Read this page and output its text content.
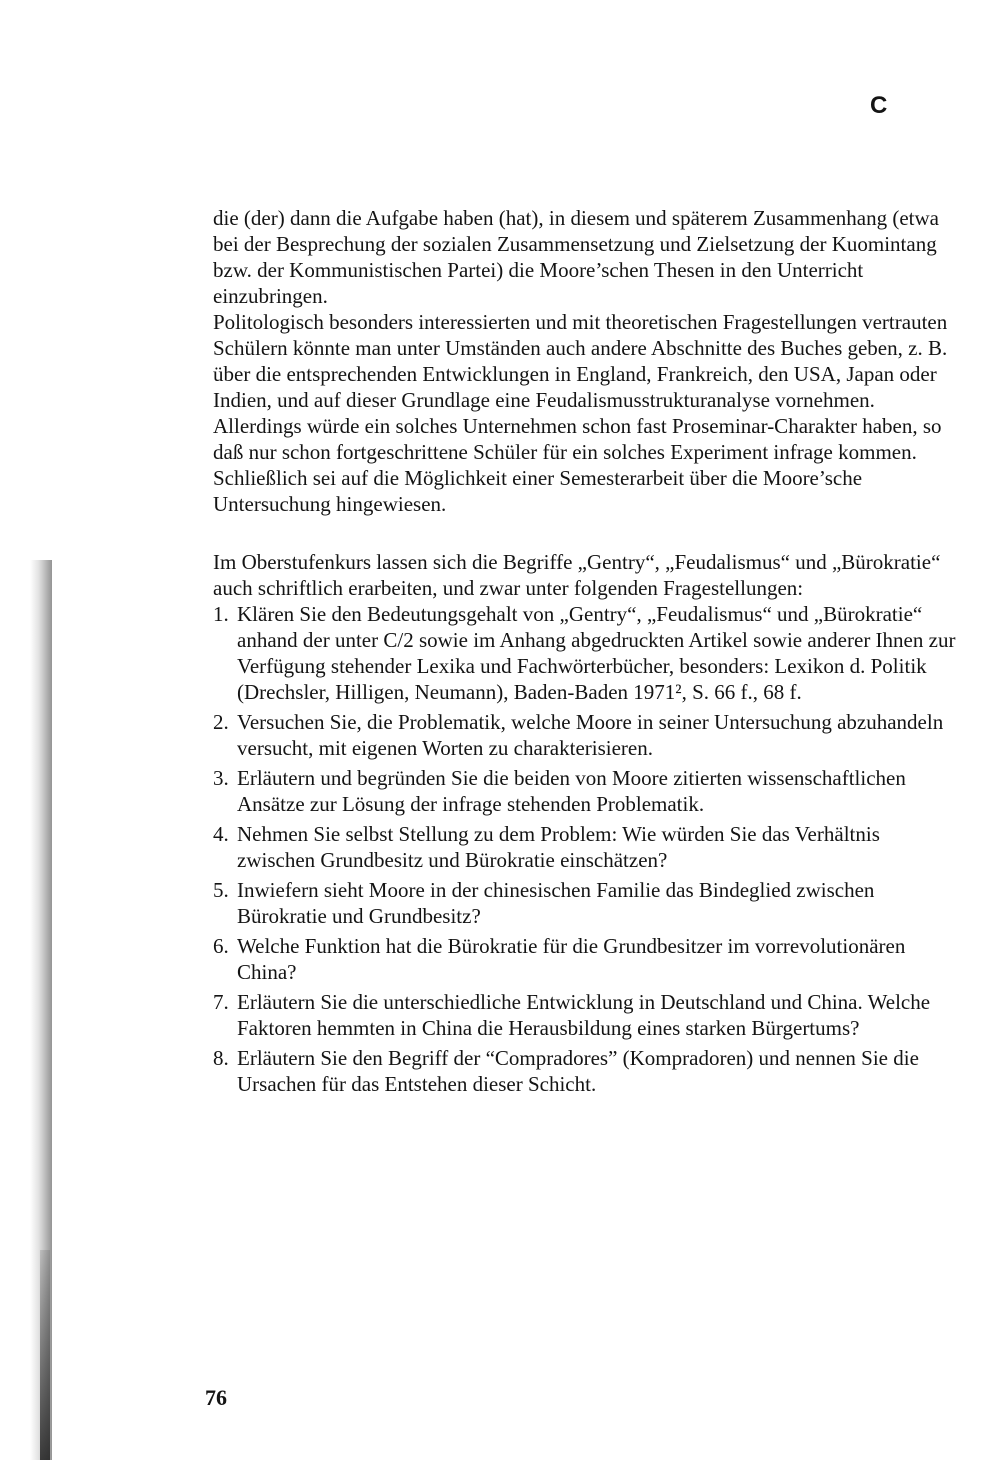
C

die (der) dann die Aufgabe haben (hat), in diesem und späterem Zusammenhang (etwa bei der Besprechung der sozialen Zusammensetzung und Zielsetzung der Kuomintang bzw. der Kommunistischen Partei) die Moore’schen Thesen in den Unterricht einzubringen.

Politologisch besonders interessierten und mit theoretischen Fragestellungen vertrauten Schülern könnte man unter Umständen auch andere Abschnitte des Buches geben, z. B. über die entsprechenden Entwicklungen in England, Frankreich, den USA, Japan oder Indien, und auf dieser Grundlage eine Feudalismusstrukturanalyse vornehmen. Allerdings würde ein solches Unternehmen schon fast Proseminar-Charakter haben, so daß nur schon fortgeschrittene Schüler für ein solches Experiment infrage kommen. Schließlich sei auf die Möglichkeit einer Semesterarbeit über die Moore’sche Untersuchung hingewiesen.

Im Oberstufenkurs lassen sich die Begriffe „Gentry“, „Feudalismus“ und „Bürokratie“ auch schriftlich erarbeiten, und zwar unter folgenden Fragestellungen:

1. Klären Sie den Bedeutungsgehalt von „Gentry“, „Feudalismus“ und „Bürokratie“ anhand der unter C/2 sowie im Anhang abgedruckten Artikel sowie anderer Ihnen zur Verfügung stehender Lexika und Fachwörterbücher, besonders: Lexikon d. Politik (Drechsler, Hilligen, Neumann), Baden-Baden 1971², S. 66 f., 68 f.
2. Versuchen Sie, die Problematik, welche Moore in seiner Untersuchung abzuhandeln versucht, mit eigenen Worten zu charakterisieren.
3. Erläutern und begründen Sie die beiden von Moore zitierten wissenschaftlichen Ansätze zur Lösung der infrage stehenden Problematik.
4. Nehmen Sie selbst Stellung zu dem Problem: Wie würden Sie das Verhältnis zwischen Grundbesitz und Bürokratie einschätzen?
5. Inwiefern sieht Moore in der chinesischen Familie das Bindeglied zwischen Bürokratie und Grundbesitz?
6. Welche Funktion hat die Bürokratie für die Grundbesitzer im vorrevolutionären China?
7. Erläutern Sie die unterschiedliche Entwicklung in Deutschland und China. Welche Faktoren hemmten in China die Herausbildung eines starken Bürgertums?
8. Erläutern Sie den Begriff der “Compradores” (Kompradoren) und nennen Sie die Ursachen für das Entstehen dieser Schicht.
76
